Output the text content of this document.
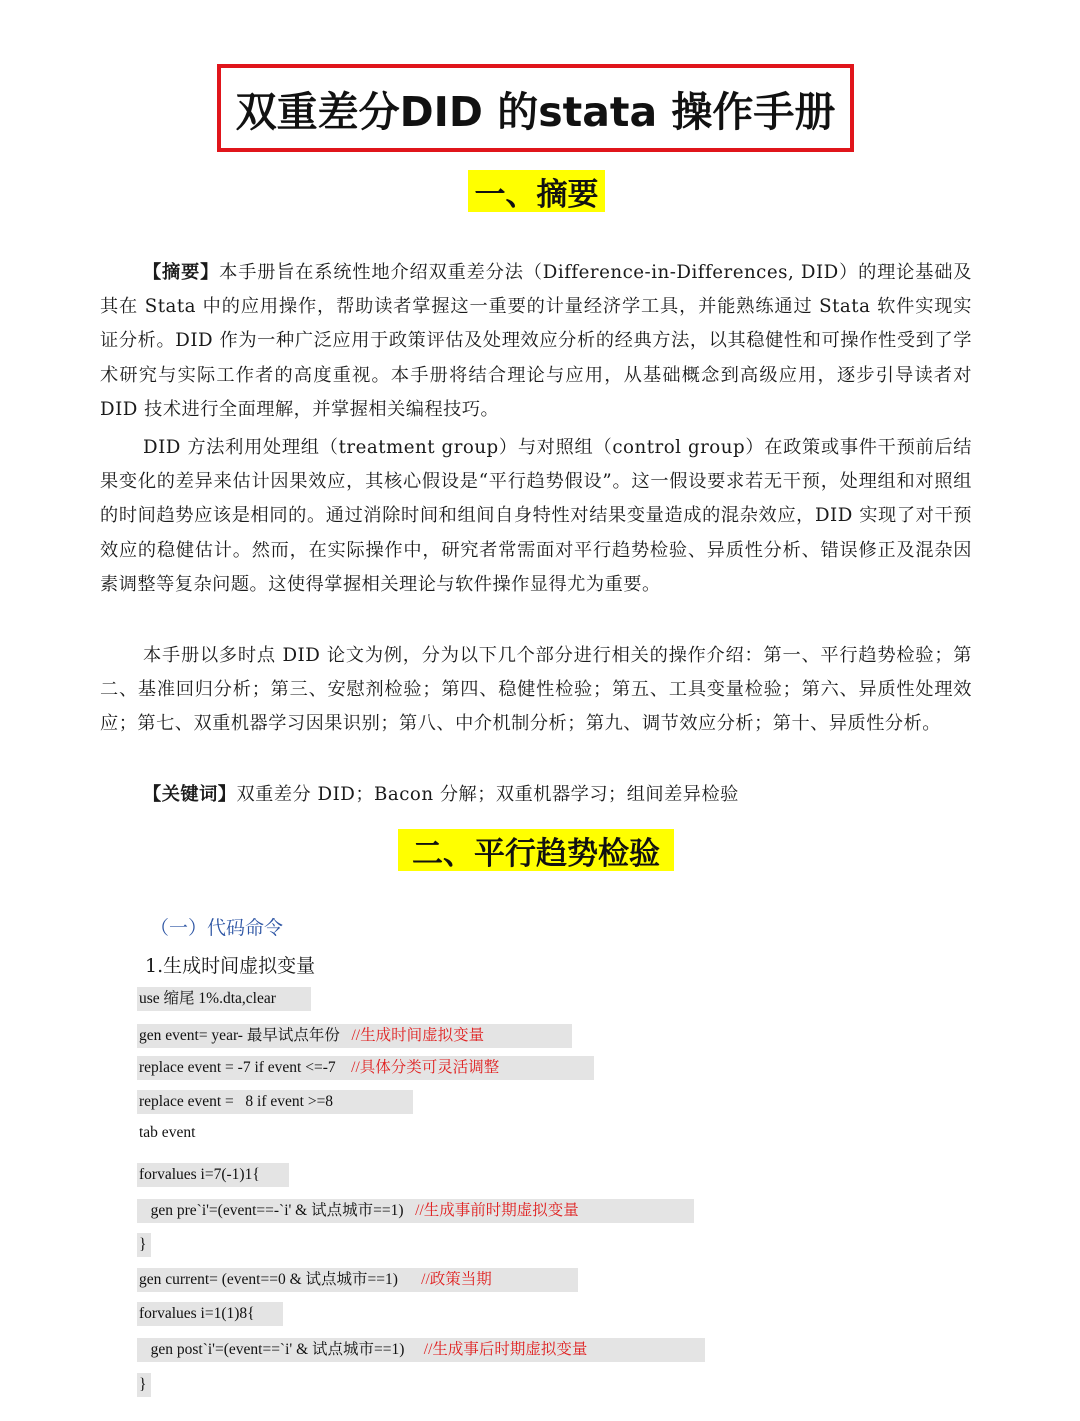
双重差分DID 的stata 操作手册
一、摘要

【摘要】本手册旨在系统性地介绍双重差分法（Difference-in-Differences, DID）的理论基础及其在 Stata 中的应用操作，帮助读者掌握这一重要的计量经济学工具，并能熟练通过 Stata 软件实现实证分析。DID 作为一种广泛应用于政策评估及处理效应分析的经典方法，以其稳健性和可操作性受到了学术研究与实际工作者的高度重视。本手册将结合理论与应用，从基础概念到高级应用，逐步引导读者对 DID 技术进行全面理解，并掌握相关编程技巧。

DID 方法利用处理组（treatment group）与对照组（control group）在政策或事件干预前后结果变化的差异来估计因果效应，其核心假设是“平行趋势假设”。这一假设要求若无干预，处理组和对照组的时间趋势应该是相同的。通过消除时间和组间自身特性对结果变量造成的混杂效应，DID 实现了对干预效应的稳健估计。然而，在实际操作中，研究者常需面对平行趋势检验、异质性分析、错误修正及混杂因素调整等复杂问题。这使得掌握相关理论与软件操作显得尤为重要。

本手册以多时点 DID 论文为例，分为以下几个部分进行相关的操作介绍：第一、平行趋势检验；第二、基准回归分析；第三、安慰剂检验；第四、稳健性检验；第五、工具变量检验；第六、异质性处理效应；第七、双重机器学习因果识别；第八、中介机制分析；第九、调节效应分析；第十、异质性分析。

【关键词】双重差分 DID；Bacon 分解；双重机器学习；组间差异检验

二、平行趋势检验
（一）代码命令
1.生成时间虚拟变量
use 缩尾 1%.dta,clear
gen event= year- 最早试点年份   //生成时间虚拟变量
replace event = -7 if event <=-7    //具体分类可灵活调整
replace event =   8 if event >=8
tab event
forvalues i=7(-1)1{
gen pre`i'=(event==-`i' & 试点城市==1)   //生成事前时期虚拟变量
}
gen current= (event==0 & 试点城市==1)      //政策当期
forvalues i=1(1)8{
gen post`i'=(event==`i' & 试点城市==1)     //生成事后时期虚拟变量
}
